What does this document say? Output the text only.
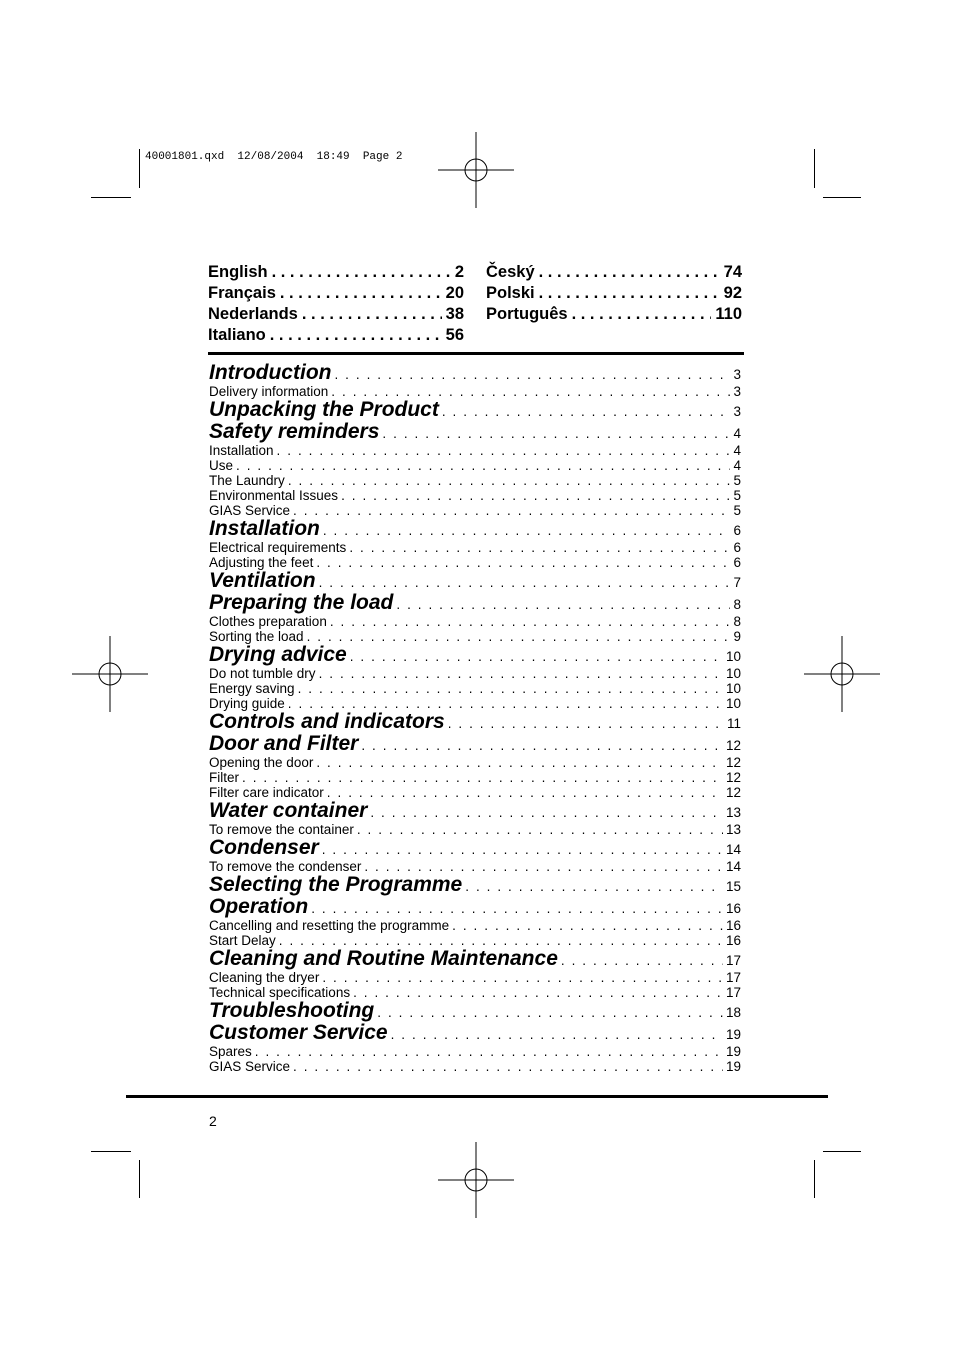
40001801.qxd  12/08/2004  18:49  Page 2
English . . .	2
Français . . .	20
Nederlands . . .	38
Italiano . . .	56
Český . . .	74
Polski . . .	92
Português . . .	110
Introduction . . .	3
Delivery information . . .	3
Unpacking the Product . . .	3
Safety reminders . . .	4
Installation . . .	4
Use . . .	4
The Laundry . . .	5
Environmental Issues . . .	5
GIAS Service . . .	5
Installation . . .	6
Electrical requirements . . .	6
Adjusting the feet . . .	6
Ventilation . . .	7
Preparing the load . . .	8
Clothes preparation . . .	8
Sorting the load . . .	9
Drying advice . . .	10
Do not tumble dry . . .	10
Energy saving . . .	10
Drying guide . . .	10
Controls and indicators . . .	11
Door and Filter . . .	12
Opening the door . . .	12
Filter . . .	12
Filter care indicator . . .	12
Water container . . .	13
To remove the container . . .	13
Condenser . . .	14
To remove the condenser . . .	14
Selecting the Programme . . .	15
Operation . . .	16
Cancelling and resetting the programme . . .	16
Start Delay . . .	16
Cleaning and Routine Maintenance . . .	17
Cleaning the dryer . . .	17
Technical specifications . . .	17
Troubleshooting . . .	18
Customer Service . . .	19
Spares . . .	19
GIAS Service . . .	19
2
